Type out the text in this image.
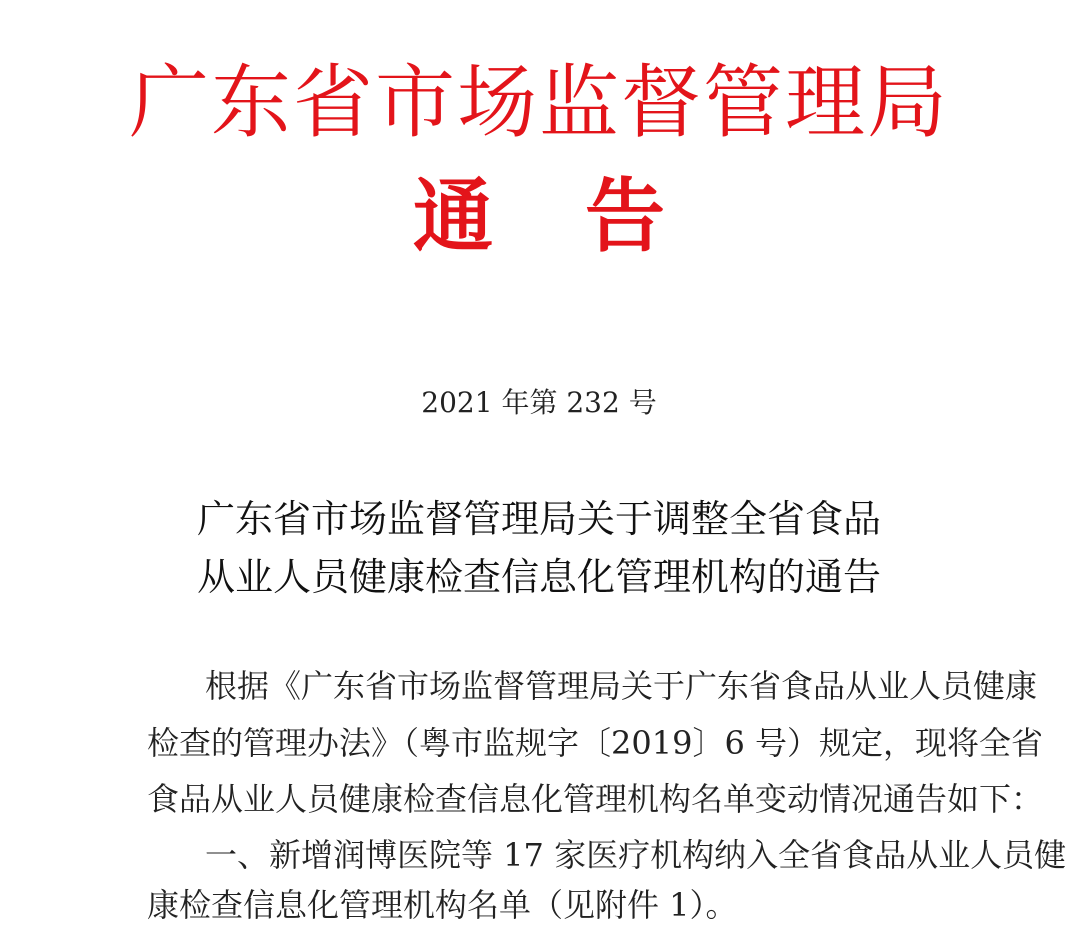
广东省市场监督管理局
通 告
2021 年第 232 号
广东省市场监督管理局关于调整全省食品
从业人员健康检查信息化管理机构的通告
根据《广东省市场监督管理局关于广东省食品从业人员健康
检查的管理办法》（粤市监规字〔2019〕6 号）规定，现将全省
食品从业人员健康检查信息化管理机构名单变动情况通告如下：
一、新增润博医院等 17 家医疗机构纳入全省食品从业人员健
康检查信息化管理机构名单（见附件 1）。
